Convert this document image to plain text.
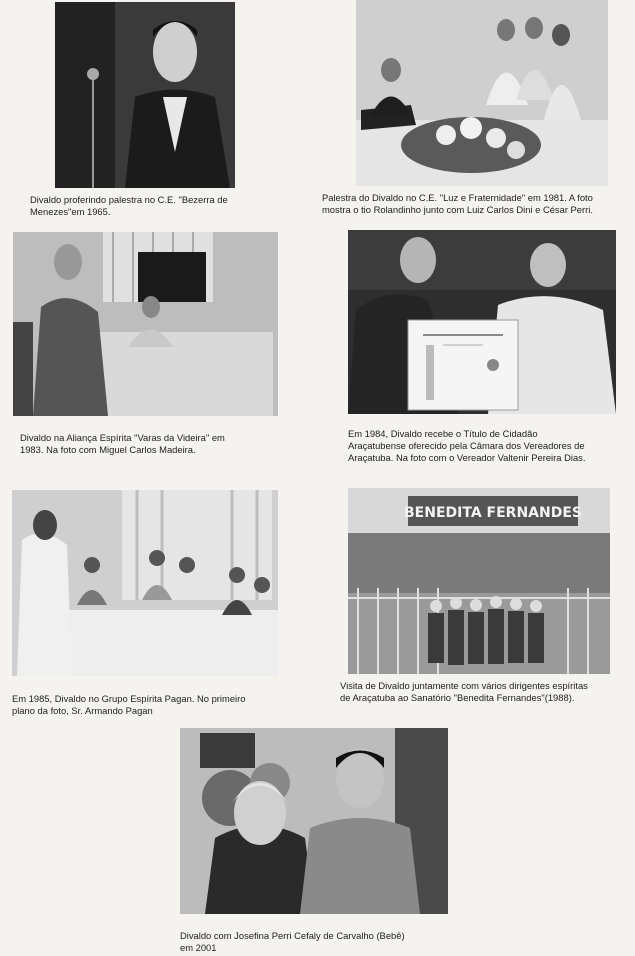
Divaldo proferindo palestra no C.E. "Bezerra de
Menezes"em 1965.
Palestra do Divaldo no C.E. "Luz e Fraternidade" em 1981. A foto
mostra o tio Rolandinho junto com Luiz Carlos Dini e César Perri.
Divaldo na Aliança Espírita "Varas da Videira" em
1983. Na foto com Miguel Carlos Madeira.
Em 1984, Divaldo recebe o Título de Cidadão
Araçatubense oferecido pela Câmara dos Vereadores de
Araçatuba. Na foto com o Vereador Valtenir Pereira Dias.
Em 1985, Divaldo no Grupo Espírita Pagan. No primeiro
plano da foto, Sr. Armando Pagan
BENEDITA FERNANDES
Visita de Divaldo juntamente com vários dirigentes espíritas
de Araçatuba ao Sanatório "Benedita Fernandes"(1988).
Divaldo com Josefina Perri Cefaly de Carvalho (Bebê)
em 2001
